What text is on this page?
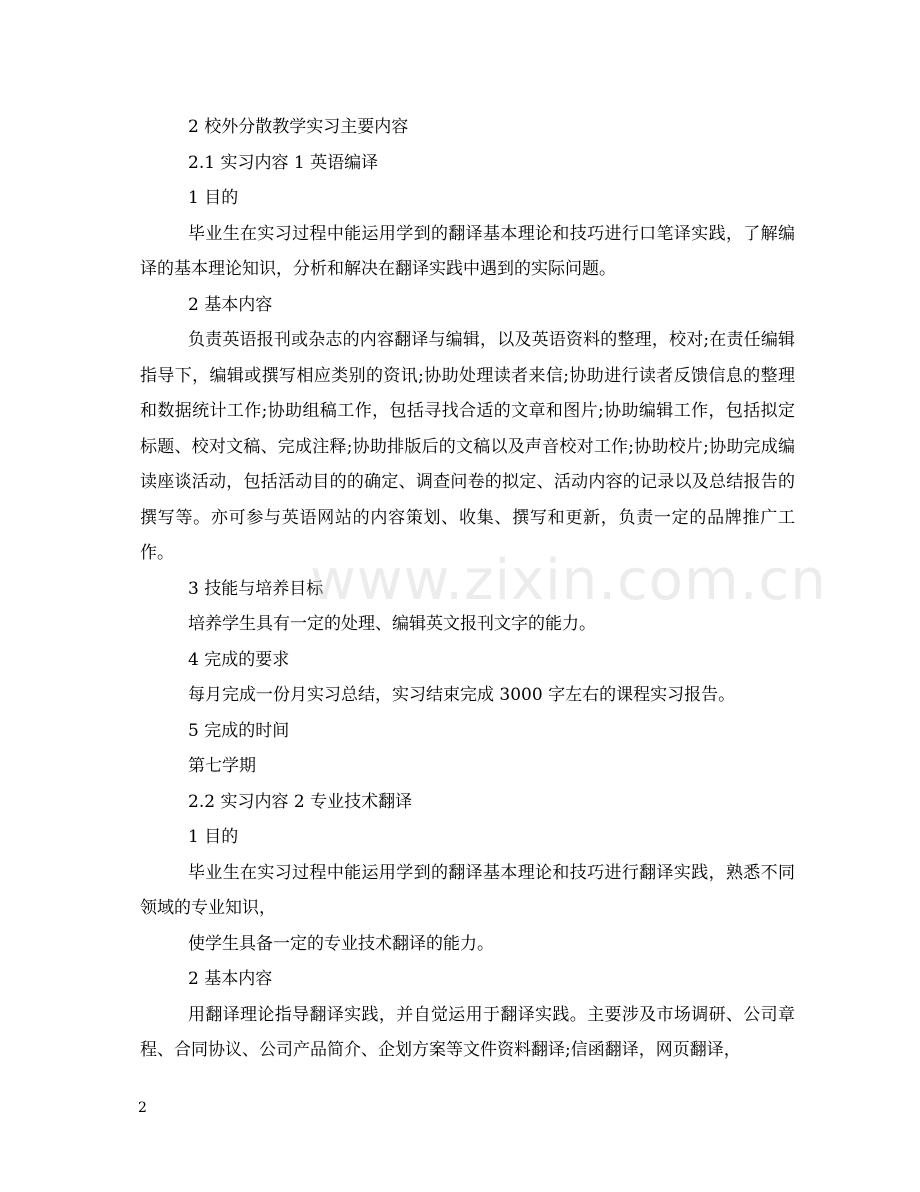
2 校外分散教学实习主要内容

2.1 实习内容 1 英语编译

1 目的

毕业生在实习过程中能运用学到的翻译基本理论和技巧进行口笔译实践，了解编译的基本理论知识，分析和解决在翻译实践中遇到的实际问题。

2 基本内容

负责英语报刊或杂志的内容翻译与编辑，以及英语资料的整理，校对;在责任编辑指导下，编辑或撰写相应类别的资讯;协助处理读者来信;协助进行读者反馈信息的整理和数据统计工作;协助组稿工作，包括寻找合适的文章和图片;协助编辑工作，包括拟定标题、校对文稿、完成注释;协助排版后的文稿以及声音校对工作;协助校片;协助完成编读座谈活动，包括活动目的的确定、调查问卷的拟定、活动内容的记录以及总结报告的撰写等。亦可参与英语网站的内容策划、收集、撰写和更新，负责一定的品牌推广工作。

3 技能与培养目标

培养学生具有一定的处理、编辑英文报刊文字的能力。

4 完成的要求

每月完成一份月实习总结，实习结束完成 3000 字左右的课程实习报告。

5 完成的时间

第七学期

2.2 实习内容 2 专业技术翻译

1 目的

毕业生在实习过程中能运用学到的翻译基本理论和技巧进行翻译实践，熟悉不同领域的专业知识，

使学生具备一定的专业技术翻译的能力。

2 基本内容

用翻译理论指导翻译实践，并自觉运用于翻译实践。主要涉及市场调研、公司章程、合同协议、公司产品简介、企划方案等文件资料翻译;信函翻译，网页翻译，

www.zixin.com.cn
2
